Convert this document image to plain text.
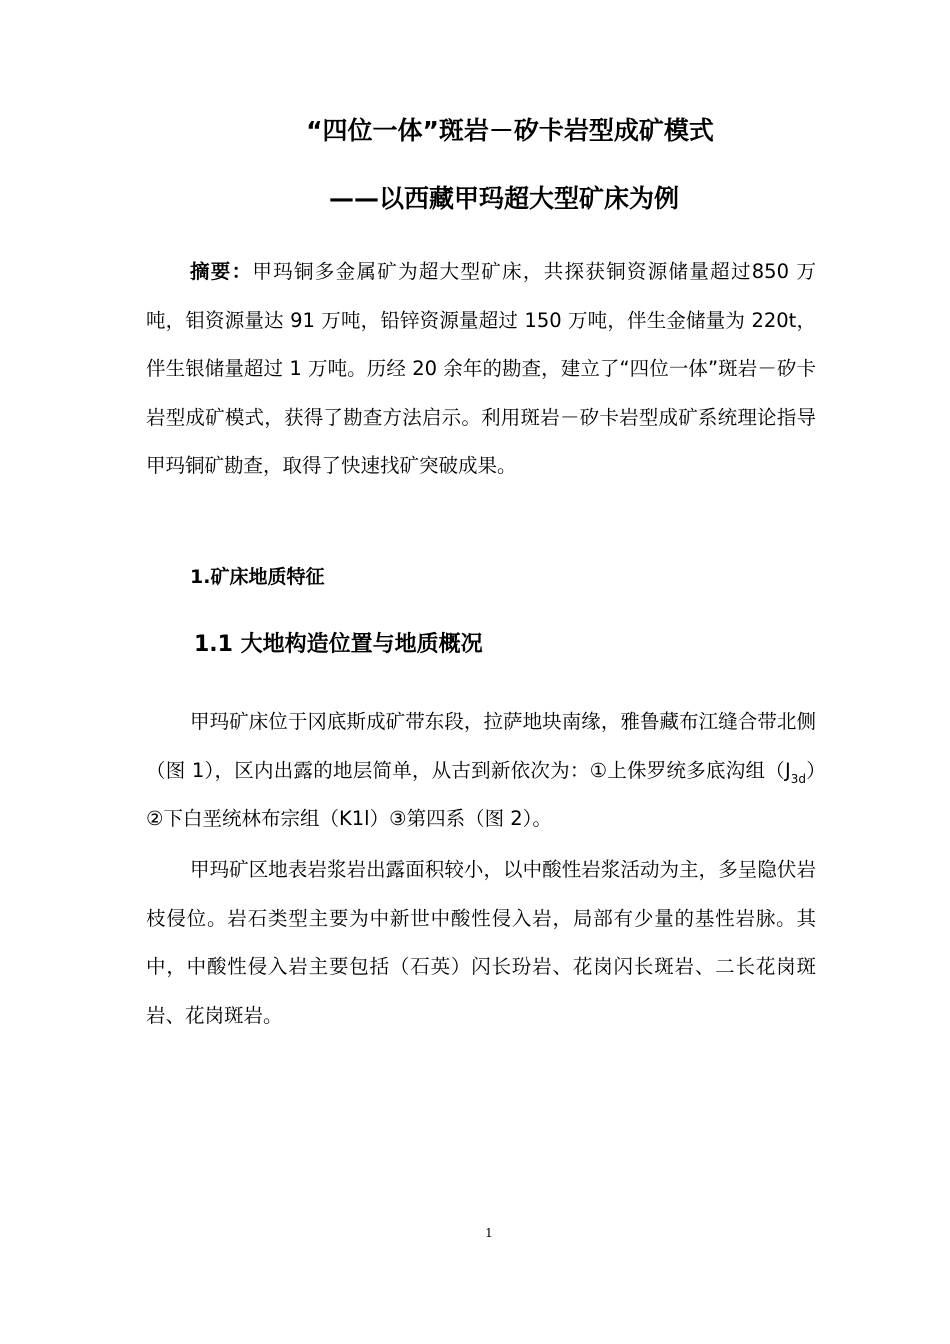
“四位一体”斑岩－矽卡岩型成矿模式
——以西藏甲玛超大型矿床为例
摘要：甲玛铜多金属矿为超大型矿床，共探获铜资源储量超过850 万吨，钼资源量达 91 万吨，铅锌资源量超过 150 万吨，伴生金储量为 220t，伴生银储量超过 1 万吨。历经 20 余年的勘查，建立了“四位一体”斑岩－矽卡岩型成矿模式，获得了勘查方法启示。利用斑岩－矽卡岩型成矿系统理论指导甲玛铜矿勘查，取得了快速找矿突破成果。
1.矿床地质特征
1.1 大地构造位置与地质概况
甲玛矿床位于冈底斯成矿带东段，拉萨地块南缘，雅鲁藏布江缝合带北侧（图 1），区内出露的地层简单，从古到新依次为：①上侏罗统多底沟组$(J_{3d})②$下白垩统林布宗组（K1l）③第四系（图 2）。
甲玛矿区地表岩浆岩出露面积较小，以中酸性岩浆活动为主，多呈隐伏岩枝侵位。岩石类型主要为中新世中酸性侵入岩，局部有少量的基性岩脉。其中，中酸性侵入岩主要包括（石英）闪长玢岩、花岗闪长斑岩、二长花岗斑岩、花岗斑岩。
1
